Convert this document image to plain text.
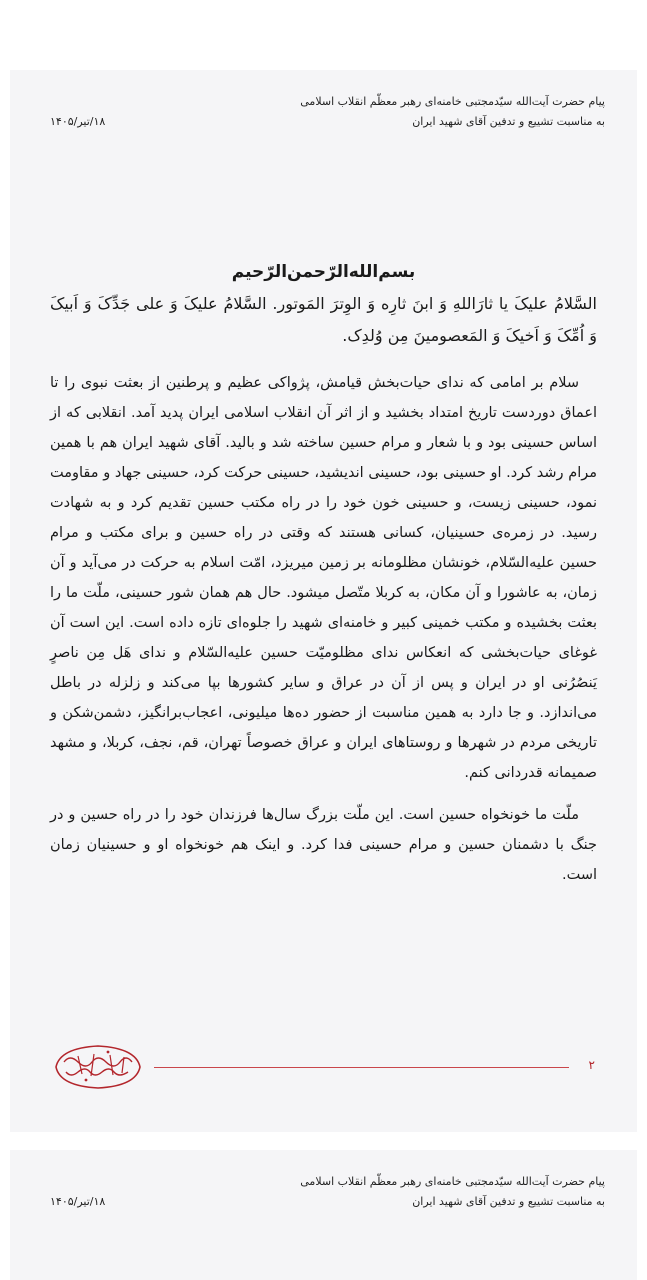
پیام حضرت آیت‌الله سیّدمجتبی خامنه‌ای رهبر معظّم انقلاب اسلامی
به مناسبت تشییع و تدفین آقای شهید ایران
۱۸/تیر/۱۴۰۵
بسم‌الله‌الرّحمن‌الرّحیم

السَّلامُ علیکَ یا ثارَاللهِ وَ ابنَ ثارِه وَ الوِترَ المَوتور. السَّلامُ علیکَ وَ علی جَدِّکَ وَ اَبیکَ وَ اُمِّکَ وَ اَخیکَ وَ المَعصومینَ مِن وُلدِک.

سلام بر امامی که ندای حیات‌بخش قیامش، پژواکی عظیم و پرطنین از بعثت نبوی را تا اعماق دوردست تاریخ امتداد بخشید و از اثر آن انقلاب اسلامی ایران پدید آمد. انقلابی که از اساس حسینی بود و با شعار و مرام حسین ساخته شد و بالید. آقای شهید ایران هم با همین مرام رشد کرد. او حسینی بود، حسینی اندیشید، حسینی حرکت کرد، حسینی جهاد و مقاومت نمود، حسینی زیست، و حسینی خون خود را در راه مکتب حسین تقدیم کرد و به شهادت رسید. در زمره‌ی حسینیان، کسانی هستند که وقتی در راه حسین و برای مکتب و مرام حسین علیه‌السّلام، خونشان مظلومانه بر زمین میریزد، امّت اسلام به حرکت در می‌آید و آن زمان، به عاشورا و آن مکان، به کربلا متّصل میشود. حال هم همان شور حسینی، ملّت ما را بعثت بخشیده و مکتب خمینی کبیر و خامنه‌ای شهید را جلوه‌ای تازه داده است. این است آن غوغای حیات‌بخشی که انعکاس ندای مظلومیّت حسین علیه‌السّلام و ندای هَل مِن ناصرٍ یَنصُرُنی او در ایران و پس از آن در عراق و سایر کشورها بپا می‌کند و زلزله در باطل می‌اندازد. و جا دارد به همین مناسبت از حضور ده‌ها میلیونی، اعجاب‌برانگیز، دشمن‌شکن و تاریخی مردم در شهرها و روستاهای ایران و عراق خصوصاً تهران، قم، نجف، کربلا، و مشهد صمیمانه قدردانی کنم.

ملّت ما خونخواه حسین است. این ملّت بزرگ سال‌ها فرزندان خود را در راه حسین و در جنگ با دشمنان حسین و مرام حسینی فدا کرد. و اینک هم خونخواه او و حسینیان زمان است.

۲
پیام حضرت آیت‌الله سیّدمجتبی خامنه‌ای رهبر معظّم انقلاب اسلامی
به مناسبت تشییع و تدفین آقای شهید ایران
۱۸/تیر/۱۴۰۵
